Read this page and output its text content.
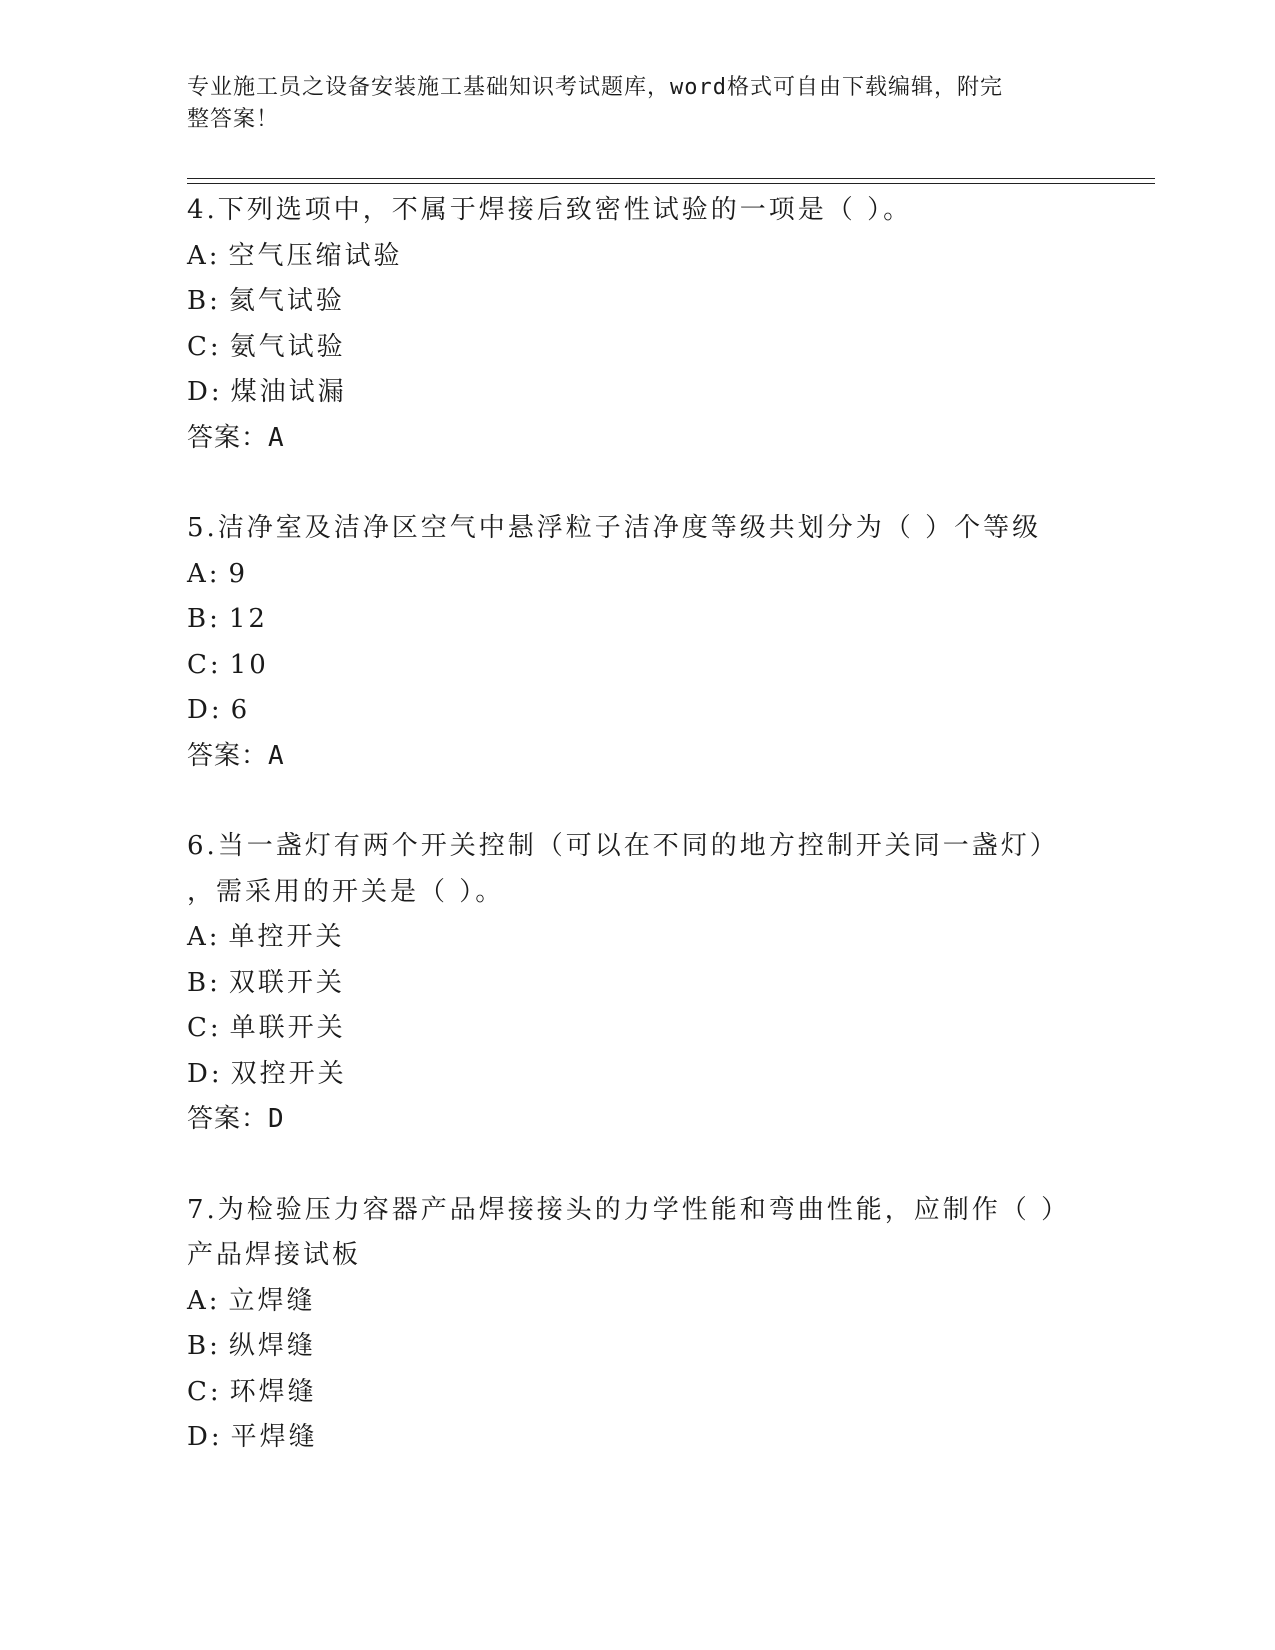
专业施工员之设备安装施工基础知识考试题库，word格式可自由下载编辑，附完
整答案！
4.下列选项中，不属于焊接后致密性试验的一项是（ ）。
A: 空气压缩试验
B: 氦气试验
C: 氨气试验
D: 煤油试漏
答案：A
5.洁净室及洁净区空气中悬浮粒子洁净度等级共划分为（ ）个等级
A: 9
B: 12
C: 10
D: 6
答案：A
6.当一盏灯有两个开关控制（可以在不同的地方控制开关同一盏灯）
，需采用的开关是（ ）。
A: 单控开关
B: 双联开关
C: 单联开关
D: 双控开关
答案：D
7.为检验压力容器产品焊接接头的力学性能和弯曲性能，应制作（ ）
产品焊接试板
A: 立焊缝
B: 纵焊缝
C: 环焊缝
D: 平焊缝
